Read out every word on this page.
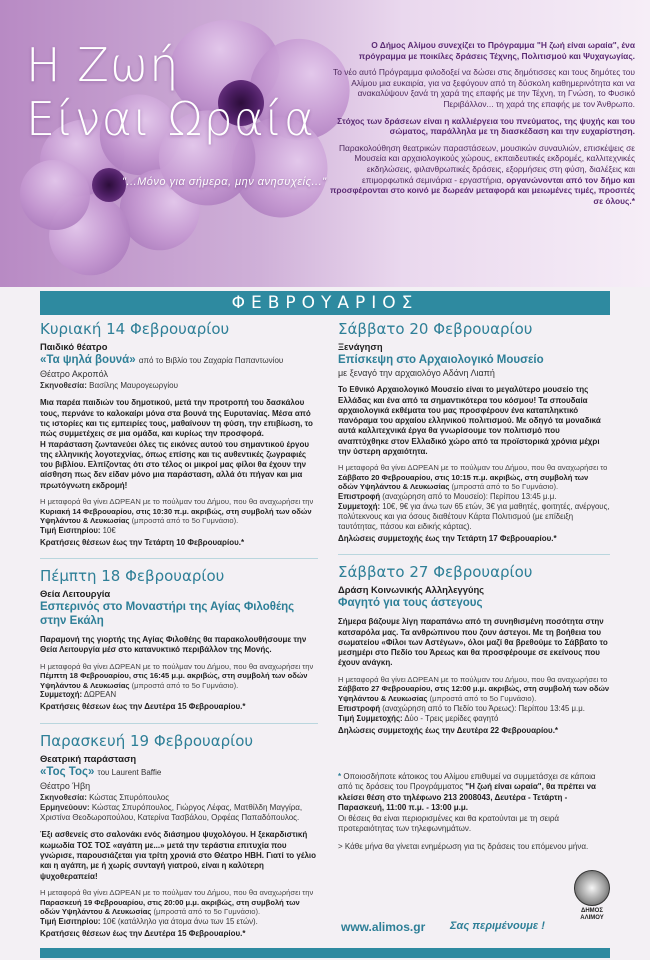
Η Ζωή
Είναι Ωραία
"...Μόνο για σήμερα, μην ανησυχείς..."

Ο Δήμος Αλίμου συνεχίζει το Πρόγραμμα "Η ζωή είναι ωραία", ένα πρόγραμμα με ποικίλες δράσεις Τέχνης, Πολιτισμού και Ψυχαγωγίας.

Το νέο αυτό Πρόγραμμα φιλοδοξεί να δώσει στις δημότισσες και τους δημότες του Αλίμου μια ευκαιρία, για να ξεφύγουν από τη δύσκολη καθημερινότητα και να ανακαλύψουν ξανά τη χαρά της επαφής με την Τέχνη, τη Γνώση, το Φυσικό Περιβάλλον... τη χαρά της επαφής με τον Άνθρωπο.

Στόχος των δράσεων είναι η καλλιέργεια του πνεύματος, της ψυχής και του σώματος, παράλληλα με τη διασκέδαση και την ευχαρίστηση.

Παρακολούθηση θεατρικών παραστάσεων, μουσικών συναυλιών, επισκέψεις σε Μουσεία και αρχαιολογικούς χώρους, εκπαιδευτικές εκδρομές, καλλιτεχνικές εκδηλώσεις, φιλανθρωπικές δράσεις, εξορμήσεις στη φύση, διαλέξεις και επιμορφωτικά σεμινάρια - εργαστήρια, οργανώνονται από τον δήμο και προσφέρονται στο κοινό με δωρεάν μεταφορά και μειωμένες τιμές, προσιτές σε όλους.*

ΦΕΒΡΟΥΑΡΙΟΣ
Κυριακή 14 Φεβρουαρίου
Παιδικό θέατρο
«Τα ψηλά βουνά» από το Βιβλίο του Ζαχαρία Παπαντωνίου
Θέατρο Ακροπόλ
Σκηνοθεσία: Βασίλης Μαυρογεωργίου
Μια παρέα παιδιών του δημοτικού, μετά την προτροπή του δασκάλου τους, περνάνε το καλοκαίρι μόνα στα βουνά της Ευρυτανίας. Μέσα από τις ιστορίες και τις εμπειρίες τους, μαθαίνουν τη φύση, την επιβίωση, το πώς συμμετέχεις σε μια ομάδα, και κυρίως την προσφορά.
Η παράσταση ζωντανεύει όλες τις εικόνες αυτού του σημαντικού έργου της ελληνικής λογοτεχνίας, όπως επίσης και τις αυθεντικές ζωγραφιές του βιβλίου. Ελπίζοντας ότι στο τέλος οι μικροί μας φίλοι θα έχουν την αίσθηση πως δεν είδαν μόνο μια παράσταση, αλλά ότι πήγαν και μια πρωτόγνωτη εκδρομή!
Η μεταφορά θα γίνει ΔΩΡΕΑΝ με το πούλμαν του Δήμου, που θα αναχωρήσει την Κυριακή 14 Φεβρουαρίου, στις 10:30 π.μ. ακριβώς, στη συμβολή των οδών Υψηλάντου & Λευκωσίας (μπροστά από το 5ο Γυμνάσιο).
Τιμή Εισιτηρίου: 10€
Κρατήσεις θέσεων έως την Τετάρτη 10 Φεβρουαρίου.*
Πέμπτη 18 Φεβρουαρίου
Θεία Λειτουργία
Εσπερινός στο Μοναστήρι της Αγίας Φιλοθέης στην Εκάλη
Παραμονή της γιορτής της Αγίας Φιλοθέης θα παρακολουθήσουμε την Θεία Λειτουργία μέσ στο κατανυκτικό περιβάλλον της Μονής.
Η μεταφορά θα γίνει ΔΩΡΕΑΝ με το πούλμαν του Δήμου, που θα αναχωρήσει την Πέμπτη 18 Φεβρουαρίου, στις 16:45 μ.μ. ακριβώς, στη συμβολή των οδών Υψηλάντου & Λευκωσίας (μπροστά από το 5ο Γυμνάσιο).
Συμμετοχή: ΔΩΡΕΑΝ
Κρατήσεις θέσεων έως την Δευτέρα 15 Φεβρουαρίου.*
Παρασκευή 19 Φεβρουαρίου
Θεατρική παράσταση
«Τος Τος» του Laurent Baffie
Θέατρο Ήβη
Σκηνοθεσία: Κώστας Σπυρόπουλος
Ερμηνεύουν: Κώστας Σπυρόπουλος, Γιώργος Λέφας, Ματθίλδη Μαγγίρα, Χριστίνα Θεοδωροπούλου, Κατερίνα Τασβάλου, Ορφέας Παπαδόπουλος.
Έξι ασθενείς στο σαλονάκι ενός διάσημου ψυχολόγου. Η ξεκαρδιστική κωμωδία ΤΟΣ ΤΟΣ «αγάπη με...» μετά την τεράστια επιτυχία που γνώρισε, παρουσιάζεται για τρίτη χρονιά στο Θέατρο ΗΒΗ. Γιατί το γέλιο και η αγάπη, με ή χωρίς συνταγή γιατρού, είναι η καλύτερη ψυχοθεραπεία!
Η μεταφορά θα γίνει ΔΩΡΕΑΝ με το πούλμαν του Δήμου, που θα αναχωρήσει την Παρασκευή 19 Φεβρουαρίου, στις 20:00 μ.μ. ακριβώς, στη συμβολή των οδών Υψηλάντου & Λευκωσίας (μπροστά από το 5ο Γυμνάσιο).
Τιμή Εισιτηρίου: 10€ (κατάλληλο για άτομα άνω των 15 ετών).
Κρατήσεις θέσεων έως την Δευτέρα 15 Φεβρουαρίου.*
Σάββατο 20 Φεβρουαρίου
Ξενάγηση
Επίσκεψη στο Αρχαιολογικό Μουσείο
με ξεναγό την αρχαιολόγο Αδάνη Λιαπή
Το Εθνικό Αρχαιολογικό Μουσείο είναι το μεγαλύτερο μουσείο της Ελλάδας και ένα από τα σημαντικότερα του κόσμου! Τα σπουδαία αρχαιολογικά εκθέματα του μας προσφέρουν ένα καταπληκτικό πανόραμα του αρχαίου ελληνικού πολιτισμού. Με οδηγό τα μοναδικά αυτά καλλιτεχνικά έργα θα γνωρίσουμε τον πολιτισμό που αναπτύχθηκε στον Ελλαδικό χώρο από τα προϊστορικά χρόνια μέχρι την ύστερη αρχαιότητα.
Η μεταφορά θα γίνει ΔΩΡΕΑΝ με το πούλμαν του Δήμου, που θα αναχωρήσει το Σάββατο 20 Φεβρουαρίου, στις 10:15 π.μ. ακριβώς, στη συμβολή των οδών Υψηλάντου & Λευκωσίας (μπροστά από το 5ο Γυμνάσιο).
Επιστροφή (αναχώρηση από το Μουσείο): Περίπου 13:45 μ.μ.
Συμμετοχή: 10€, 9€ για άνω των 65 ετών, 3€ για μαθητές, φοιτητές, ανέργους, πολύτεκνους και για όσους διαθέτουν Κάρτα Πολιτισμού (με επίδειξη ταυτότητας, πάσου και ειδικής κάρτας).
Δηλώσεις συμμετοχής έως την Τετάρτη 17 Φεβρουαρίου.*
Σάββατο 27 Φεβρουαρίου
Δράση Κοινωνικής Αλληλεγγύης
Φαγητό για τους άστεγους
Σήμερα βάζουμε λίγη παραπάνω από τη συνηθισμένη ποσότητα στην κατσαρόλα μας. Τα ανθρώπινου που ζουν άστεγοι. Με τη βοήθεια του σωματείου «Φίλοι των Αστέγων», όλοι μαζί θα βρεθούμε το Σάββατο το μεσημέρι στο Πεδίο του Άρεως και θα προσφέρουμε σε εκείνους που έχουν ανάγκη.
Η μεταφορά θα γίνει ΔΩΡΕΑΝ με το πούλμαν του Δήμου, που θα αναχωρήσει το Σάββατο 27 Φεβρουαρίου, στις 12:00 μ.μ. ακριβώς, στη συμβολή των οδών Υψηλάντου & Λευκωσίας (μπροστά από το 5ο Γυμνάσιο).
Επιστροφή (αναχώρηση από το Πεδίο του Άρεως): Περίπου 13:45 μ.μ.
Τιμή Συμμετοχής: Δύο - Τρεις μερίδες φαγητό
Δηλώσεις συμμετοχής έως την Δευτέρα 22 Φεβρουαρίου.*
* Οποιοσδήποτε κάτοικος του Αλίμου επιθυμεί να συμμετάσχει σε κάποια από τις δράσεις του Προγράμματος "Η ζωή είναι ωραία", θα πρέπει να κλείσει θέση στο τηλέφωνο 213 2008043, Δευτέρα - Τετάρτη - Παρασκευή, 11:00 π.μ. - 13:00 μ.μ.
Οι θέσεις θα είναι περιορισμένες και θα κρατούνται με τη σειρά προτεραιότητας των τηλεφωνημάτων.
> Κάθε μήνα θα γίνεται ενημέρωση για τις δράσεις του επόμενου μήνα.
www.alimos.gr Σας περιμένουμε !
ΔΗΜΟΣ
ΑΛΙΜΟΥ
